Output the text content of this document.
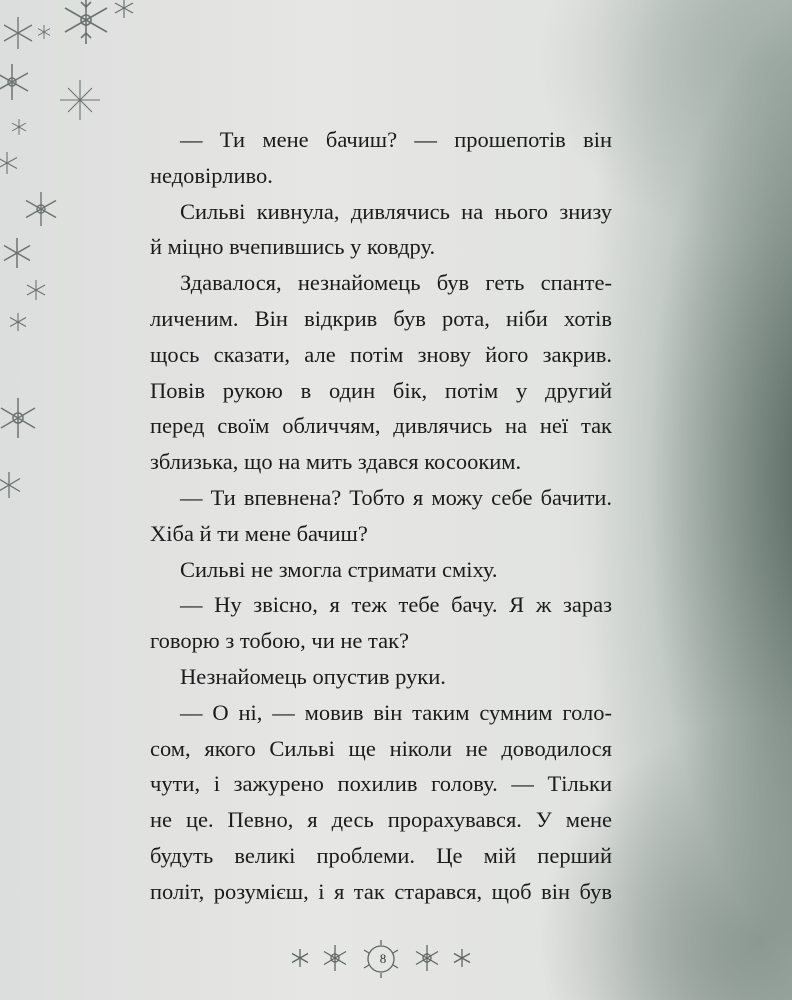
— Ти мене бачиш? — прошепотів він
недовірливо.
Сильві кивнула, дивлячись на нього знизу
й міцно вчепившись у ковдру.
Здавалося, незнайомець був геть спанте-
личеним. Він відкрив був рота, ніби хотів
щось сказати, але потім знову його закрив.
Повів рукою в один бік, потім у другий
перед своїм обличчям, дивлячись на неї так
зблизька, що на мить здався косооким.
— Ти впевнена? Тобто я можу себе бачити.
Хіба й ти мене бачиш?
Сильві не змогла стримати сміху.
— Ну звісно, я теж тебе бачу. Я ж зараз
говорю з тобою, чи не так?
Незнайомець опустив руки.
— О ні, — мовив він таким сумним голо-
сом, якого Сильві ще ніколи не доводилося
чути, і зажурено похилив голову. — Тільки
не це. Певно, я десь прорахувався. У мене
будуть великі проблеми. Це мій перший
політ, розумієш, і я так старався, щоб він був
8
